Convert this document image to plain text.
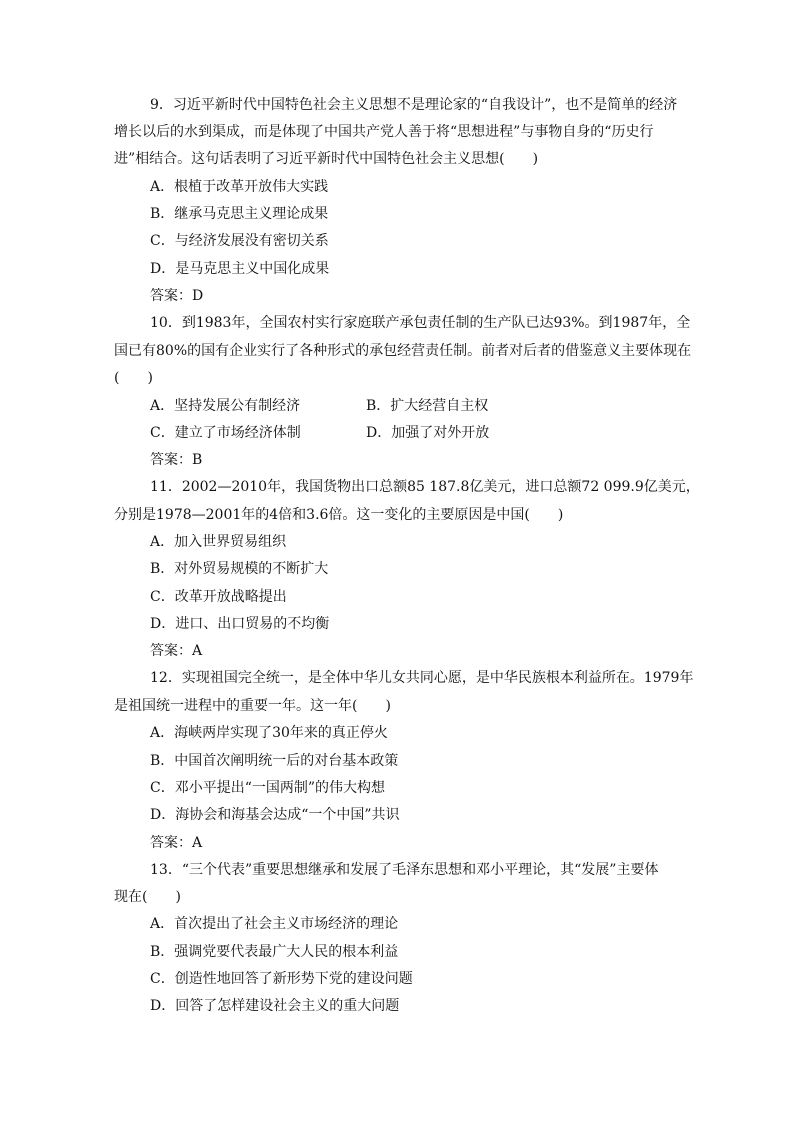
9．习近平新时代中国特色社会主义思想不是理论家的“自我设计”，也不是简单的经济
增长以后的水到渠成，而是体现了中国共产党人善于将“思想进程”与事物自身的“历史行
进”相结合。这句话表明了习近平新时代中国特色社会主义思想(　　)
A．根植于改革开放伟大实践
B．继承马克思主义理论成果
C．与经济发展没有密切关系
D．是马克思主义中国化成果
答案：D
10．到1983年，全国农村实行家庭联产承包责任制的生产队已达93%。到1987年，全
国已有80%的国有企业实行了各种形式的承包经营责任制。前者对后者的借鉴意义主要体现在
(　　)
A．坚持发展公有制经济	B．扩大经营自主权
C．建立了市场经济体制	D．加强了对外开放
答案：B
11．2002—2010年，我国货物出口总额85 187.8亿美元，进口总额72 099.9亿美元，
分别是1978—2001年的4倍和3.6倍。这一变化的主要原因是中国(　　)
A．加入世界贸易组织
B．对外贸易规模的不断扩大
C．改革开放战略提出
D．进口、出口贸易的不均衡
答案：A
12．实现祖国完全统一，是全体中华儿女共同心愿，是中华民族根本利益所在。1979年
是祖国统一进程中的重要一年。这一年(　　)
A．海峡两岸实现了30年来的真正停火
B．中国首次阐明统一后的对台基本政策
C．邓小平提出“一国两制”的伟大构想
D．海协会和海基会达成“一个中国”共识
答案：A
13．“三个代表”重要思想继承和发展了毛泽东思想和邓小平理论，其“发展”主要体
现在(　　)
A．首次提出了社会主义市场经济的理论
B．强调党要代表最广大人民的根本利益
C．创造性地回答了新形势下党的建设问题
D．回答了怎样建设社会主义的重大问题
